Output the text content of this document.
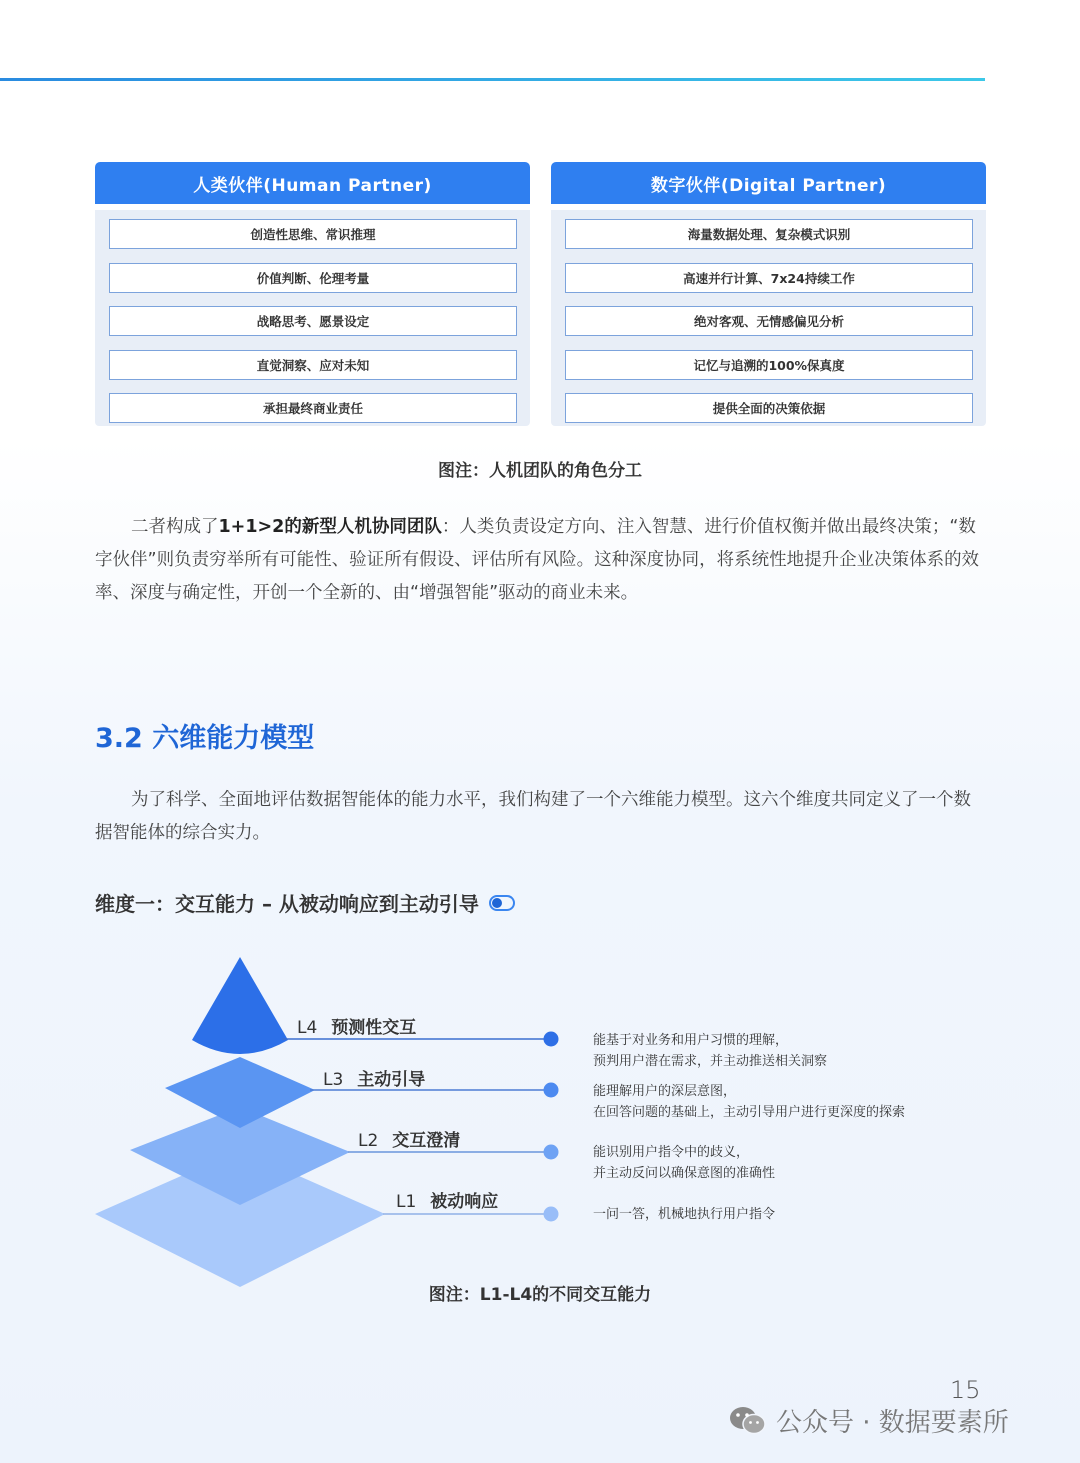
人类伙伴(Human Partner)
创造性思维、常识推理
价值判断、伦理考量
战略思考、愿景设定
直觉洞察、应对未知
承担最终商业责任
数字伙伴(Digital Partner)
海量数据处理、复杂模式识别
高速并行计算、7x24持续工作
绝对客观、无情感偏见分析
记忆与追溯的100%保真度
提供全面的决策依据
图注：人机团队的角色分工

二者构成了1+1>2的新型人机协同团队：人类负责设定方向、注入智慧、进行价值权衡并做出最终决策；“数字伙伴”则负责穷举所有可能性、验证所有假设、评估所有风险。这种深度协同，将系统性地提升企业决策体系的效率、深度与确定性，开创一个全新的、由“增强智能”驱动的商业未来。

3.2 六维能力模型

为了科学、全面地评估数据智能体的能力水平，我们构建了一个六维能力模型。这六个维度共同定义了一个数据智能体的综合实力。

维度一：交互能力 – 从被动响应到主动引导
L4 预测性交互
L3 主动引导
L2 交互澄清
L1 被动响应
能基于对业务和用户习惯的理解，
预判用户潜在需求，并主动推送相关洞察
能理解用户的深层意图，
在回答问题的基础上，主动引导用户进行更深度的探索
能识别用户指令中的歧义，
并主动反问以确保意图的准确性
一问一答，机械地执行用户指令
图注：L1-L4的不同交互能力
15
公众号 · 数据要素所
